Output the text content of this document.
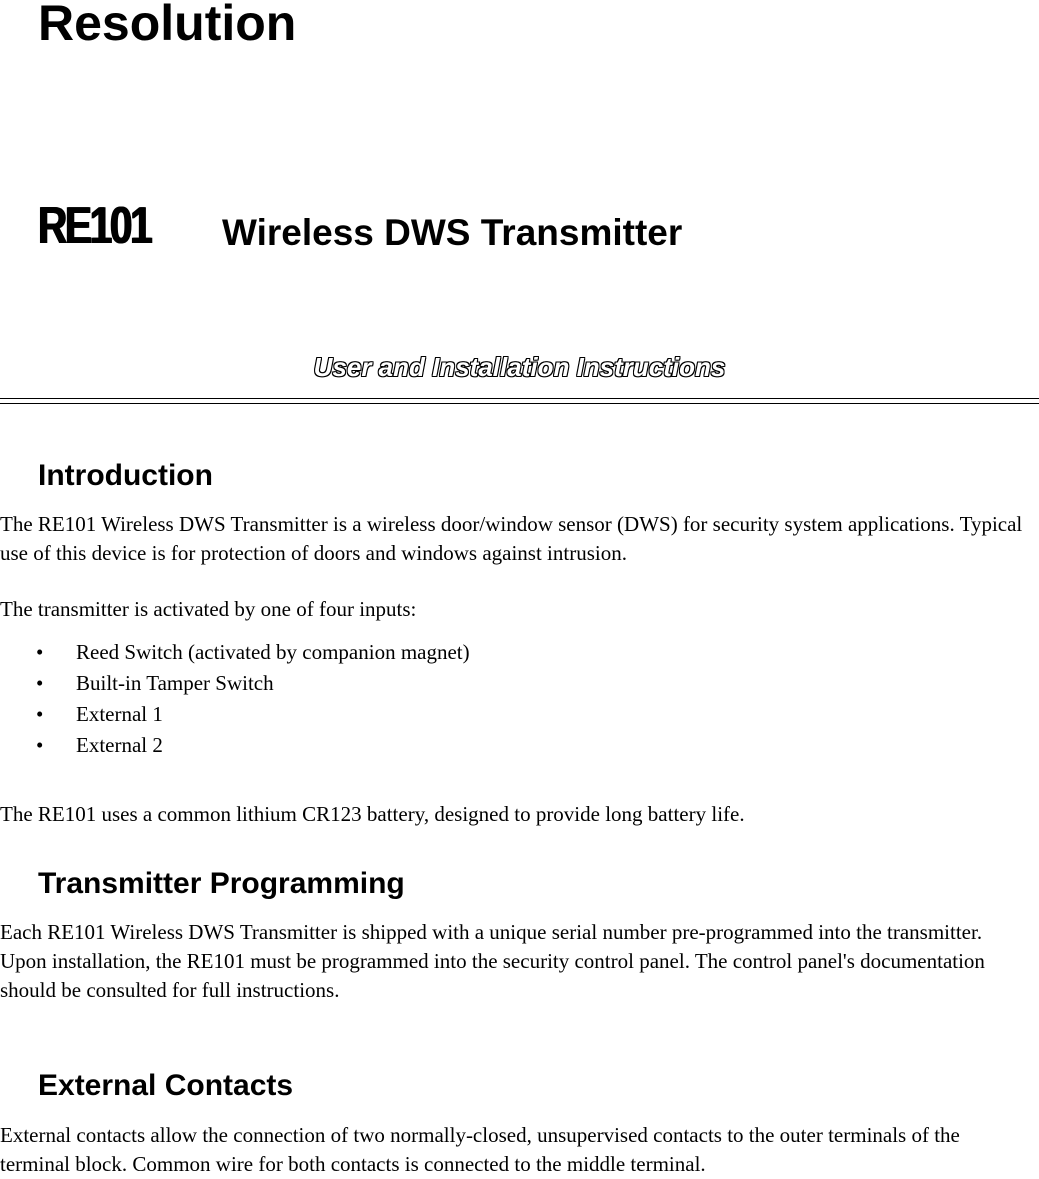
Resolution
RE101 Wireless DWS Transmitter
User and Installation Instructions
Introduction

The RE101 Wireless DWS Transmitter is a wireless door/window sensor (DWS) for security system applications. Typical use of this device is for protection of doors and windows against intrusion.

The transmitter is activated by one of four inputs:

• Reed Switch (activated by companion magnet)
• Built-in Tamper Switch
• External 1
• External 2

The RE101 uses a common lithium CR123 battery, designed to provide long battery life.

Transmitter Programming

Each RE101 Wireless DWS Transmitter is shipped with a unique serial number pre-programmed into the transmitter. Upon installation, the RE101 must be programmed into the security control panel. The control panel's documentation should be consulted for full instructions.

External Contacts

External contacts allow the connection of two normally-closed, unsupervised contacts to the outer terminals of the terminal block. Common wire for both contacts is connected to the middle terminal.
